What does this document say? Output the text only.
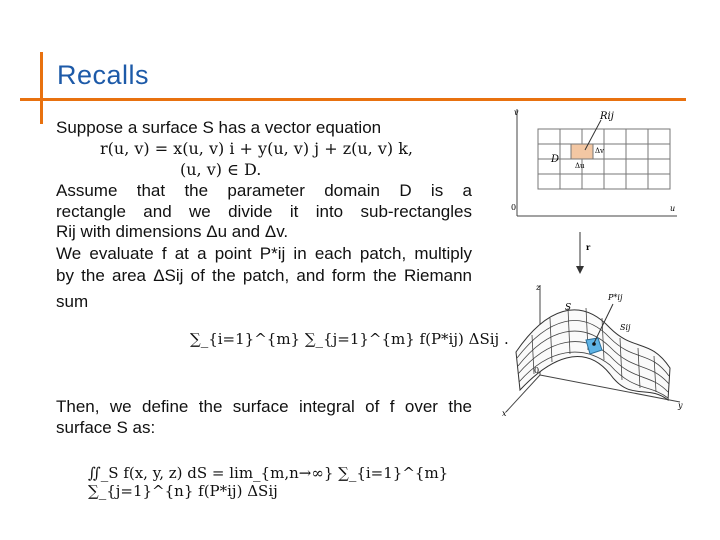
Recalls
Suppose a surface S has a vector equation
r(u, v) = x(u, v) i + y(u, v) j + z(u, v) k,
(u, v) ∈ D.
Assume that the parameter domain D is a
rectangle and we divide it into sub-rectangles
Rij with dimensions Δu and Δv.
We evaluate f at a point P*ij in each patch, multiply
by the area ΔSij of the patch, and form the Riemann
sum
∑_{i=1}^{m} ∑_{j=1}^{m} f(P*ij) ΔSij .
Then, we define the surface integral of f over the
surface S as:
∬_S f(x, y, z) dS = lim_{m,n→∞} ∑_{i=1}^{m} ∑_{j=1}^{n} f(P*ij) ΔSij
Rij
D
Δu
Δv
0	u
v
r
z
S
P*ij
Sij
0
x
y
